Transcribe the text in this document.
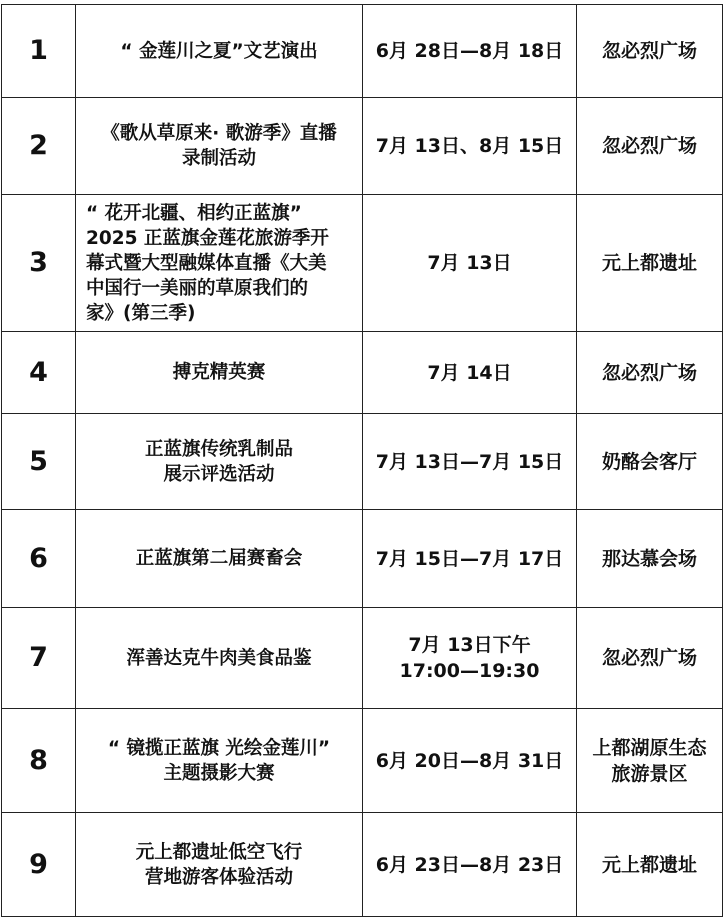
1	“ 金莲川之夏”文艺演出	6月 28日—8月 18日	忽必烈广场

2	《歌从草原来· 歌游季》直播
录制活动	7月 13日、8月 15日	忽必烈广场

3	“ 花开北疆、相约正蓝旗”
2025 正蓝旗金莲花旅游季开
幕式暨大型融媒体直播《大美
中国行一美丽的草原我们的
家》(第三季)	7月 13日	元上都遗址

4	搏克精英赛	7月 14日	忽必烈广场

5	正蓝旗传统乳制品
展示评选活动	7月 13日—7月 15日	奶酪会客厅

6	正蓝旗第二届赛畜会	7月 15日—7月 17日	那达慕会场

7	浑善达克牛肉美食品鉴	7月 13日下午
17:00—19:30	忽必烈广场

8	“ 镜揽正蓝旗 光绘金莲川”
主题摄影大赛	6月 20日—8月 31日	上都湖原生态
旅游景区

9	元上都遗址低空飞行
营地游客体验活动	6月 23日—8月 23日	元上都遗址
